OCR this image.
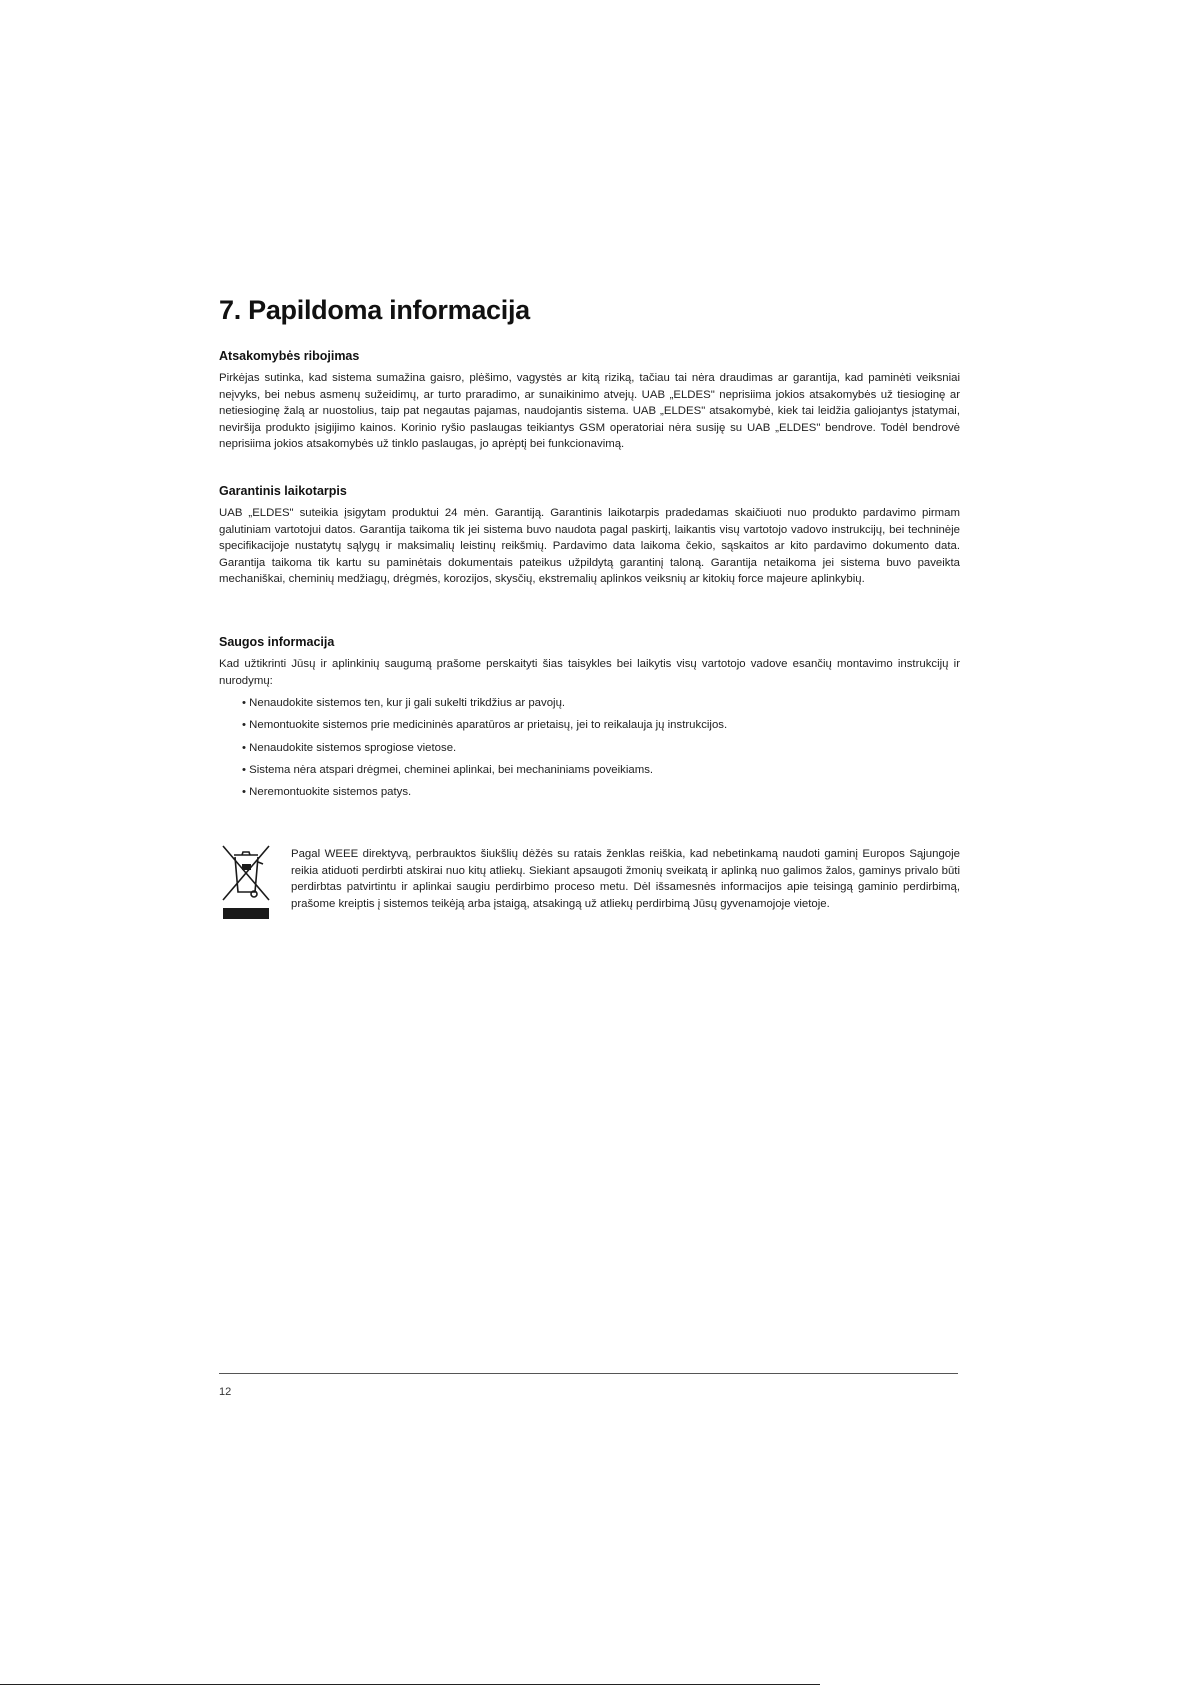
7. Papildoma informacija
Atsakomybės ribojimas

Pirkėjas sutinka, kad sistema sumažina gaisro, plėšimo, vagystės ar kitą riziką, tačiau tai nėra draudimas ar garantija, kad paminėti veiksniai neįvyks, bei nebus asmenų sužeidimų, ar turto praradimo, ar sunaikinimo atvejų. UAB „ELDES" neprisiima jokios atsakomybės už tiesioginę ar netiesioginę žalą ar nuostolius, taip pat negautas pajamas, naudojantis sistema. UAB „ELDES" atsakomybė, kiek tai leidžia galiojantys įstatymai, neviršija produkto įsigijimo kainos. Korinio ryšio paslaugas teikiantys GSM operatoriai nėra susiję su UAB „ELDES" bendrove. Todėl bendrovė neprisiima jokios atsakomybės už tinklo paslaugas, jo aprėptį bei funkcionavimą.

Garantinis laikotarpis

UAB „ELDES" suteikia įsigytam produktui 24 mėn. Garantiją. Garantinis laikotarpis pradedamas skaičiuoti nuo produkto pardavimo pirmam galutiniam vartotojui datos. Garantija taikoma tik jei sistema buvo naudota pagal paskirtį, laikantis visų vartotojo vadovo instrukcijų, bei techninėje specifikacijoje nustatytų sąlygų ir maksimalių leistinų reikšmių. Pardavimo data laikoma čekio, sąskaitos ar kito pardavimo dokumento data. Garantija taikoma tik kartu su paminėtais dokumentais pateikus užpildytą garantinį taloną. Garantija netaikoma jei sistema buvo paveikta mechaniškai, cheminių medžiagų, drėgmės, korozijos, skysčių, ekstremalių aplinkos veiksnių ar kitokių force majeure aplinkybių.

Saugos informacija

Kad užtikrinti Jūsų ir aplinkinių saugumą prašome perskaityti šias taisykles bei laikytis visų vartotojo vadove esančių montavimo instrukcijų ir nurodymų:

• Nenaudokite sistemos ten, kur ji gali sukelti trikdžius ar pavojų.
• Nemontuokite sistemos prie medicininės aparatūros ar prietaisų, jei to reikalauja jų instrukcijos.
• Nenaudokite sistemos sprogiose vietose.
• Sistema nėra atspari drėgmei, cheminei aplinkai, bei mechaniniams poveikiams.
• Neremontuokite sistemos patys.

Pagal WEEE direktyvą, perbrauktos šiukšlių dėžės su ratais ženklas reiškia, kad nebetinkamą naudoti gaminį Europos Sąjungoje reikia atiduoti perdirbti atskirai nuo kitų atliekų. Siekiant apsaugoti žmonių sveikatą ir aplinką nuo galimos žalos, gaminys privalo būti perdirbtas patvirtintu ir aplinkai saugiu perdirbimo proceso metu. Dėl išsamesnės informacijos apie teisingą gaminio perdirbimą, prašome kreiptis į sistemos teikėją arba įstaigą, atsakingą už atliekų perdirbimą Jūsų gyvenamojoje vietoje.

12
